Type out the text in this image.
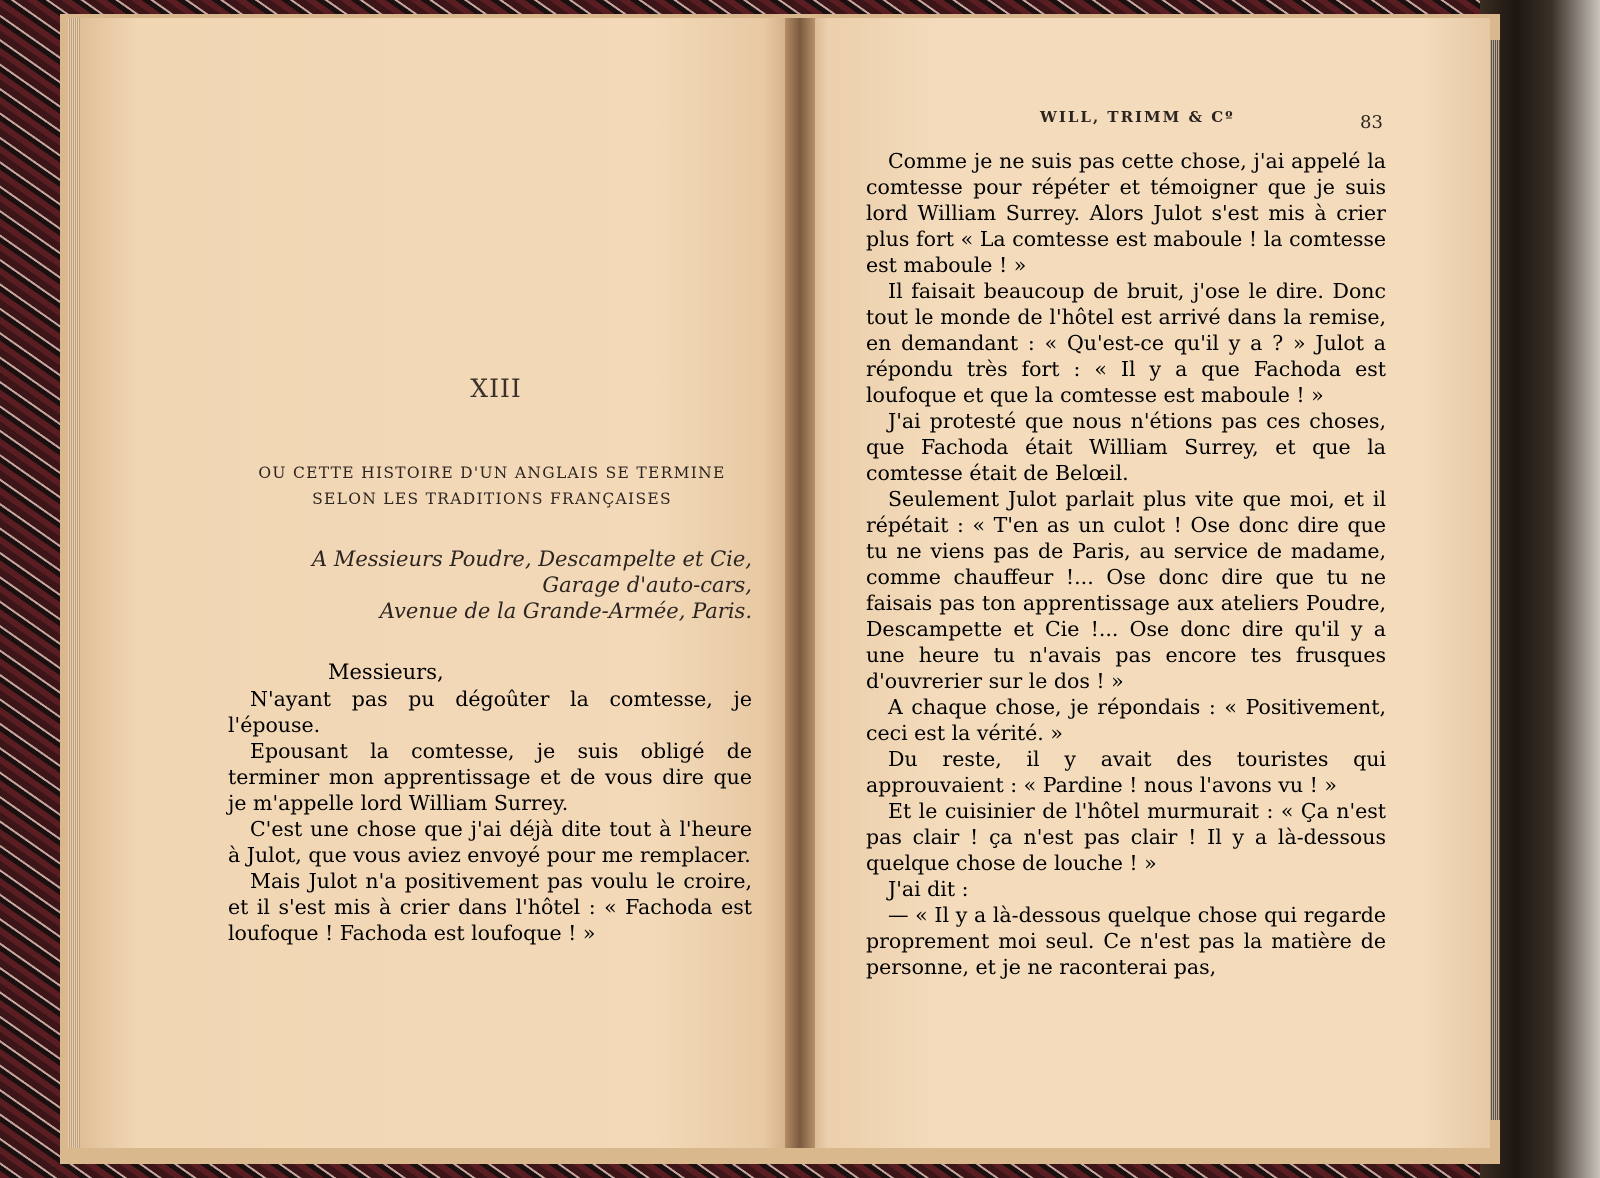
XIII
OU CETTE HISTOIRE D'UN ANGLAIS SE TERMINE SELON LES TRADITIONS FRANÇAISES
A Messieurs Poudre, Descampelte et Cie,
Garage d'auto-cars,
Avenue de la Grande-Armée, Paris.
Messieurs,

N'ayant pas pu dégoûter la comtesse, je l'épouse.

Epousant la comtesse, je suis obligé de terminer mon apprentissage et de vous dire que je m'appelle lord William Surrey.

C'est une chose que j'ai déjà dite tout à l'heure à Julot, que vous aviez envoyé pour me remplacer.

Mais Julot n'a positivement pas voulu le croire, et il s'est mis à crier dans l'hôtel : « Fachoda est loufoque ! Fachoda est loufoque ! »

WILL, TRIMM & Cº	83

Comme je ne suis pas cette chose, j'ai appelé la comtesse pour répéter et témoigner que je suis lord William Surrey. Alors Julot s'est mis à crier plus fort « La comtesse est maboule ! la comtesse est maboule ! »

Il faisait beaucoup de bruit, j'ose le dire. Donc tout le monde de l'hôtel est arrivé dans la remise, en demandant : « Qu'est-ce qu'il y a ? » Julot a répondu très fort : « Il y a que Fachoda est loufoque et que la comtesse est maboule ! »

J'ai protesté que nous n'étions pas ces choses, que Fachoda était William Surrey, et que la comtesse était de Belœil.

Seulement Julot parlait plus vite que moi, et il répétait : « T'en as un culot ! Ose donc dire que tu ne viens pas de Paris, au service de madame, comme chauffeur !... Ose donc dire que tu ne faisais pas ton apprentissage aux ateliers Poudre, Descampette et Cie !... Ose donc dire qu'il y a une heure tu n'avais pas encore tes frusques d'ouvrerier sur le dos ! »

A chaque chose, je répondais : « Positivement, ceci est la vérité. »

Du reste, il y avait des touristes qui approuvaient : « Pardine ! nous l'avons vu ! »

Et le cuisinier de l'hôtel murmurait : « Ça n'est pas clair ! ça n'est pas clair ! Il y a là-dessous quelque chose de louche ! »

J'ai dit :

— « Il y a là-dessous quelque chose qui regarde proprement moi seul. Ce n'est pas la matière de personne, et je ne raconterai pas,
